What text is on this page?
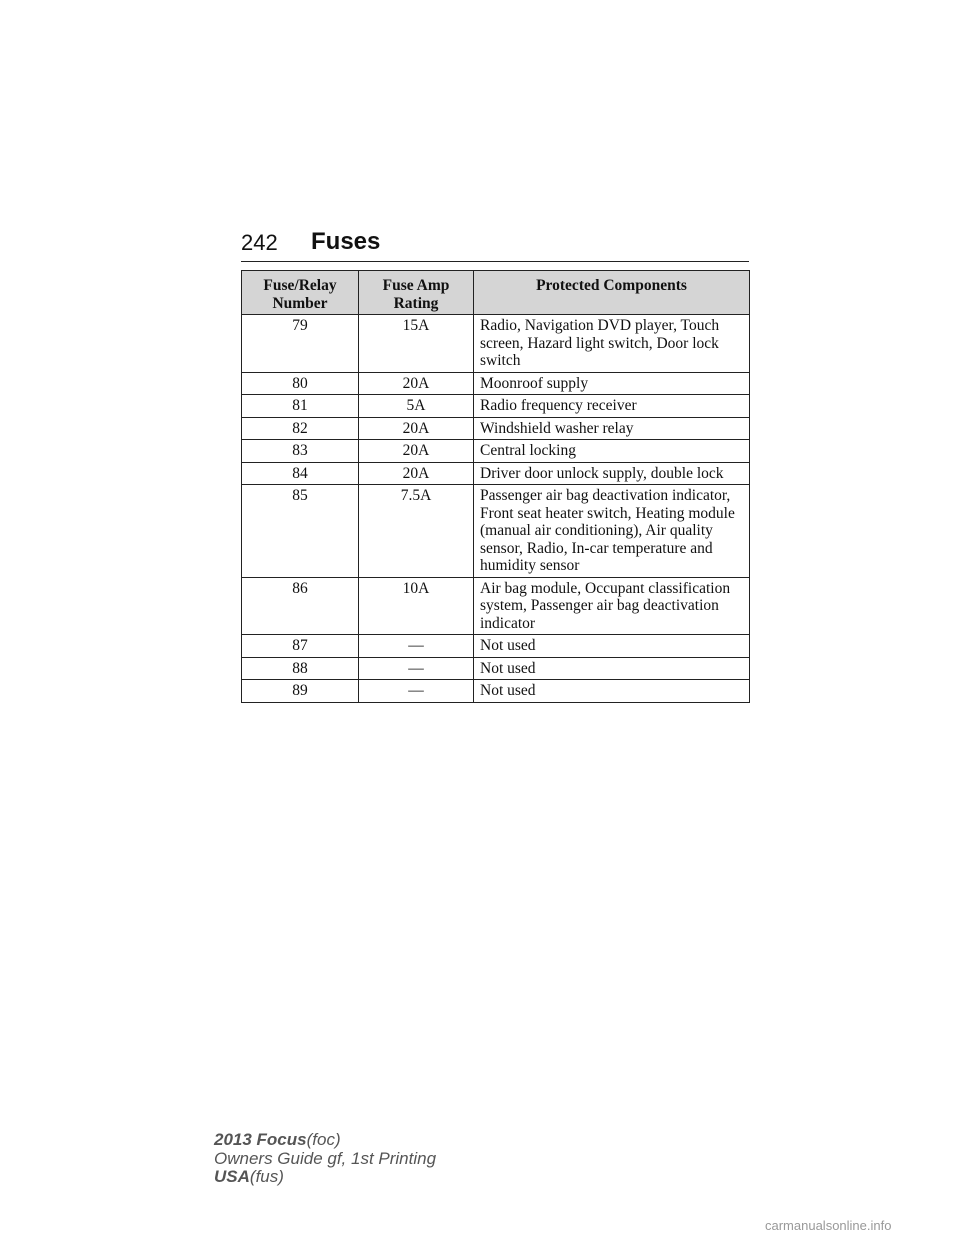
242 Fuses
Fuse/Relay Number	Fuse Amp Rating	Protected Components
79	15A	Radio, Navigation DVD player, Touch screen, Hazard light switch, Door lock switch
80	20A	Moonroof supply
81	5A	Radio frequency receiver
82	20A	Windshield washer relay
83	20A	Central locking
84	20A	Driver door unlock supply, double lock
85	7.5A	Passenger air bag deactivation indicator, Front seat heater switch, Heating module (manual air conditioning), Air quality sensor, Radio, In-car temperature and humidity sensor
86	10A	Air bag module, Occupant classification system, Passenger air bag deactivation indicator
87	—	Not used
88	—	Not used
89	—	Not used
2013 Focus(foc)
Owners Guide gf, 1st Printing
USA(fus)
carmanualsonline.info
